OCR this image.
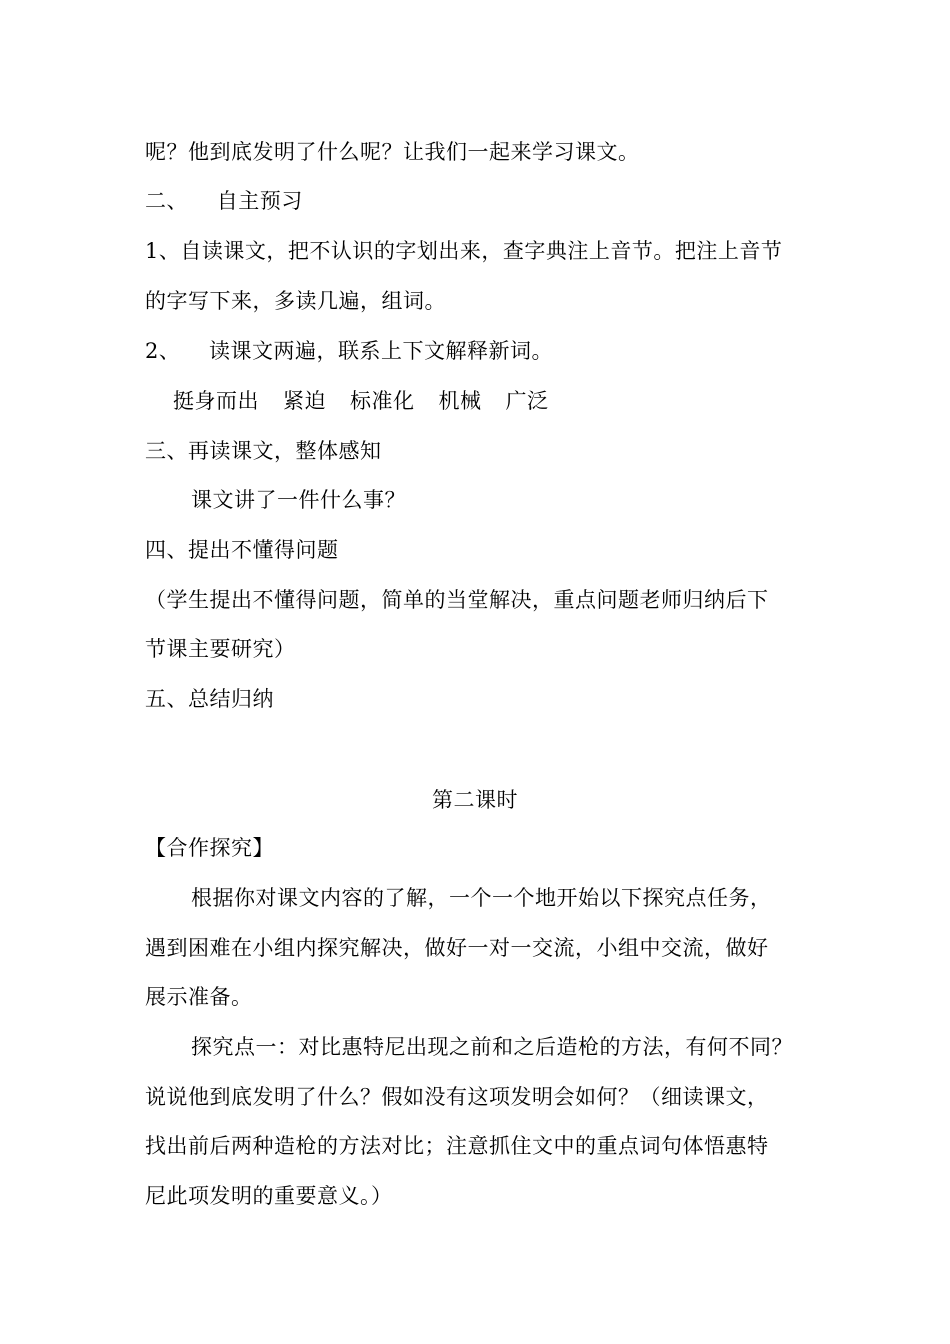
呢？他到底发明了什么呢？让我们一起来学习课文。
二、    自主预习
1、自读课文，把不认识的字划出来，查字典注上音节。把注上音节
的字写下来，多读几遍，组词。
2、    读课文两遍，联系上下文解释新词。
挺身而出 紧迫 标准化 机械 广泛
三、再读课文，整体感知
课文讲了一件什么事？
四、提出不懂得问题
（学生提出不懂得问题，简单的当堂解决，重点问题老师归纳后下
节课主要研究）
五、总结归纳
第二课时
【合作探究】
根据你对课文内容的了解，一个一个地开始以下探究点任务，
遇到困难在小组内探究解决，做好一对一交流，小组中交流，做好
展示准备。
探究点一：对比惠特尼出现之前和之后造枪的方法，有何不同？
说说他到底发明了什么？假如没有这项发明会如何？（细读课文，
找出前后两种造枪的方法对比；注意抓住文中的重点词句体悟惠特
尼此项发明的重要意义。）
